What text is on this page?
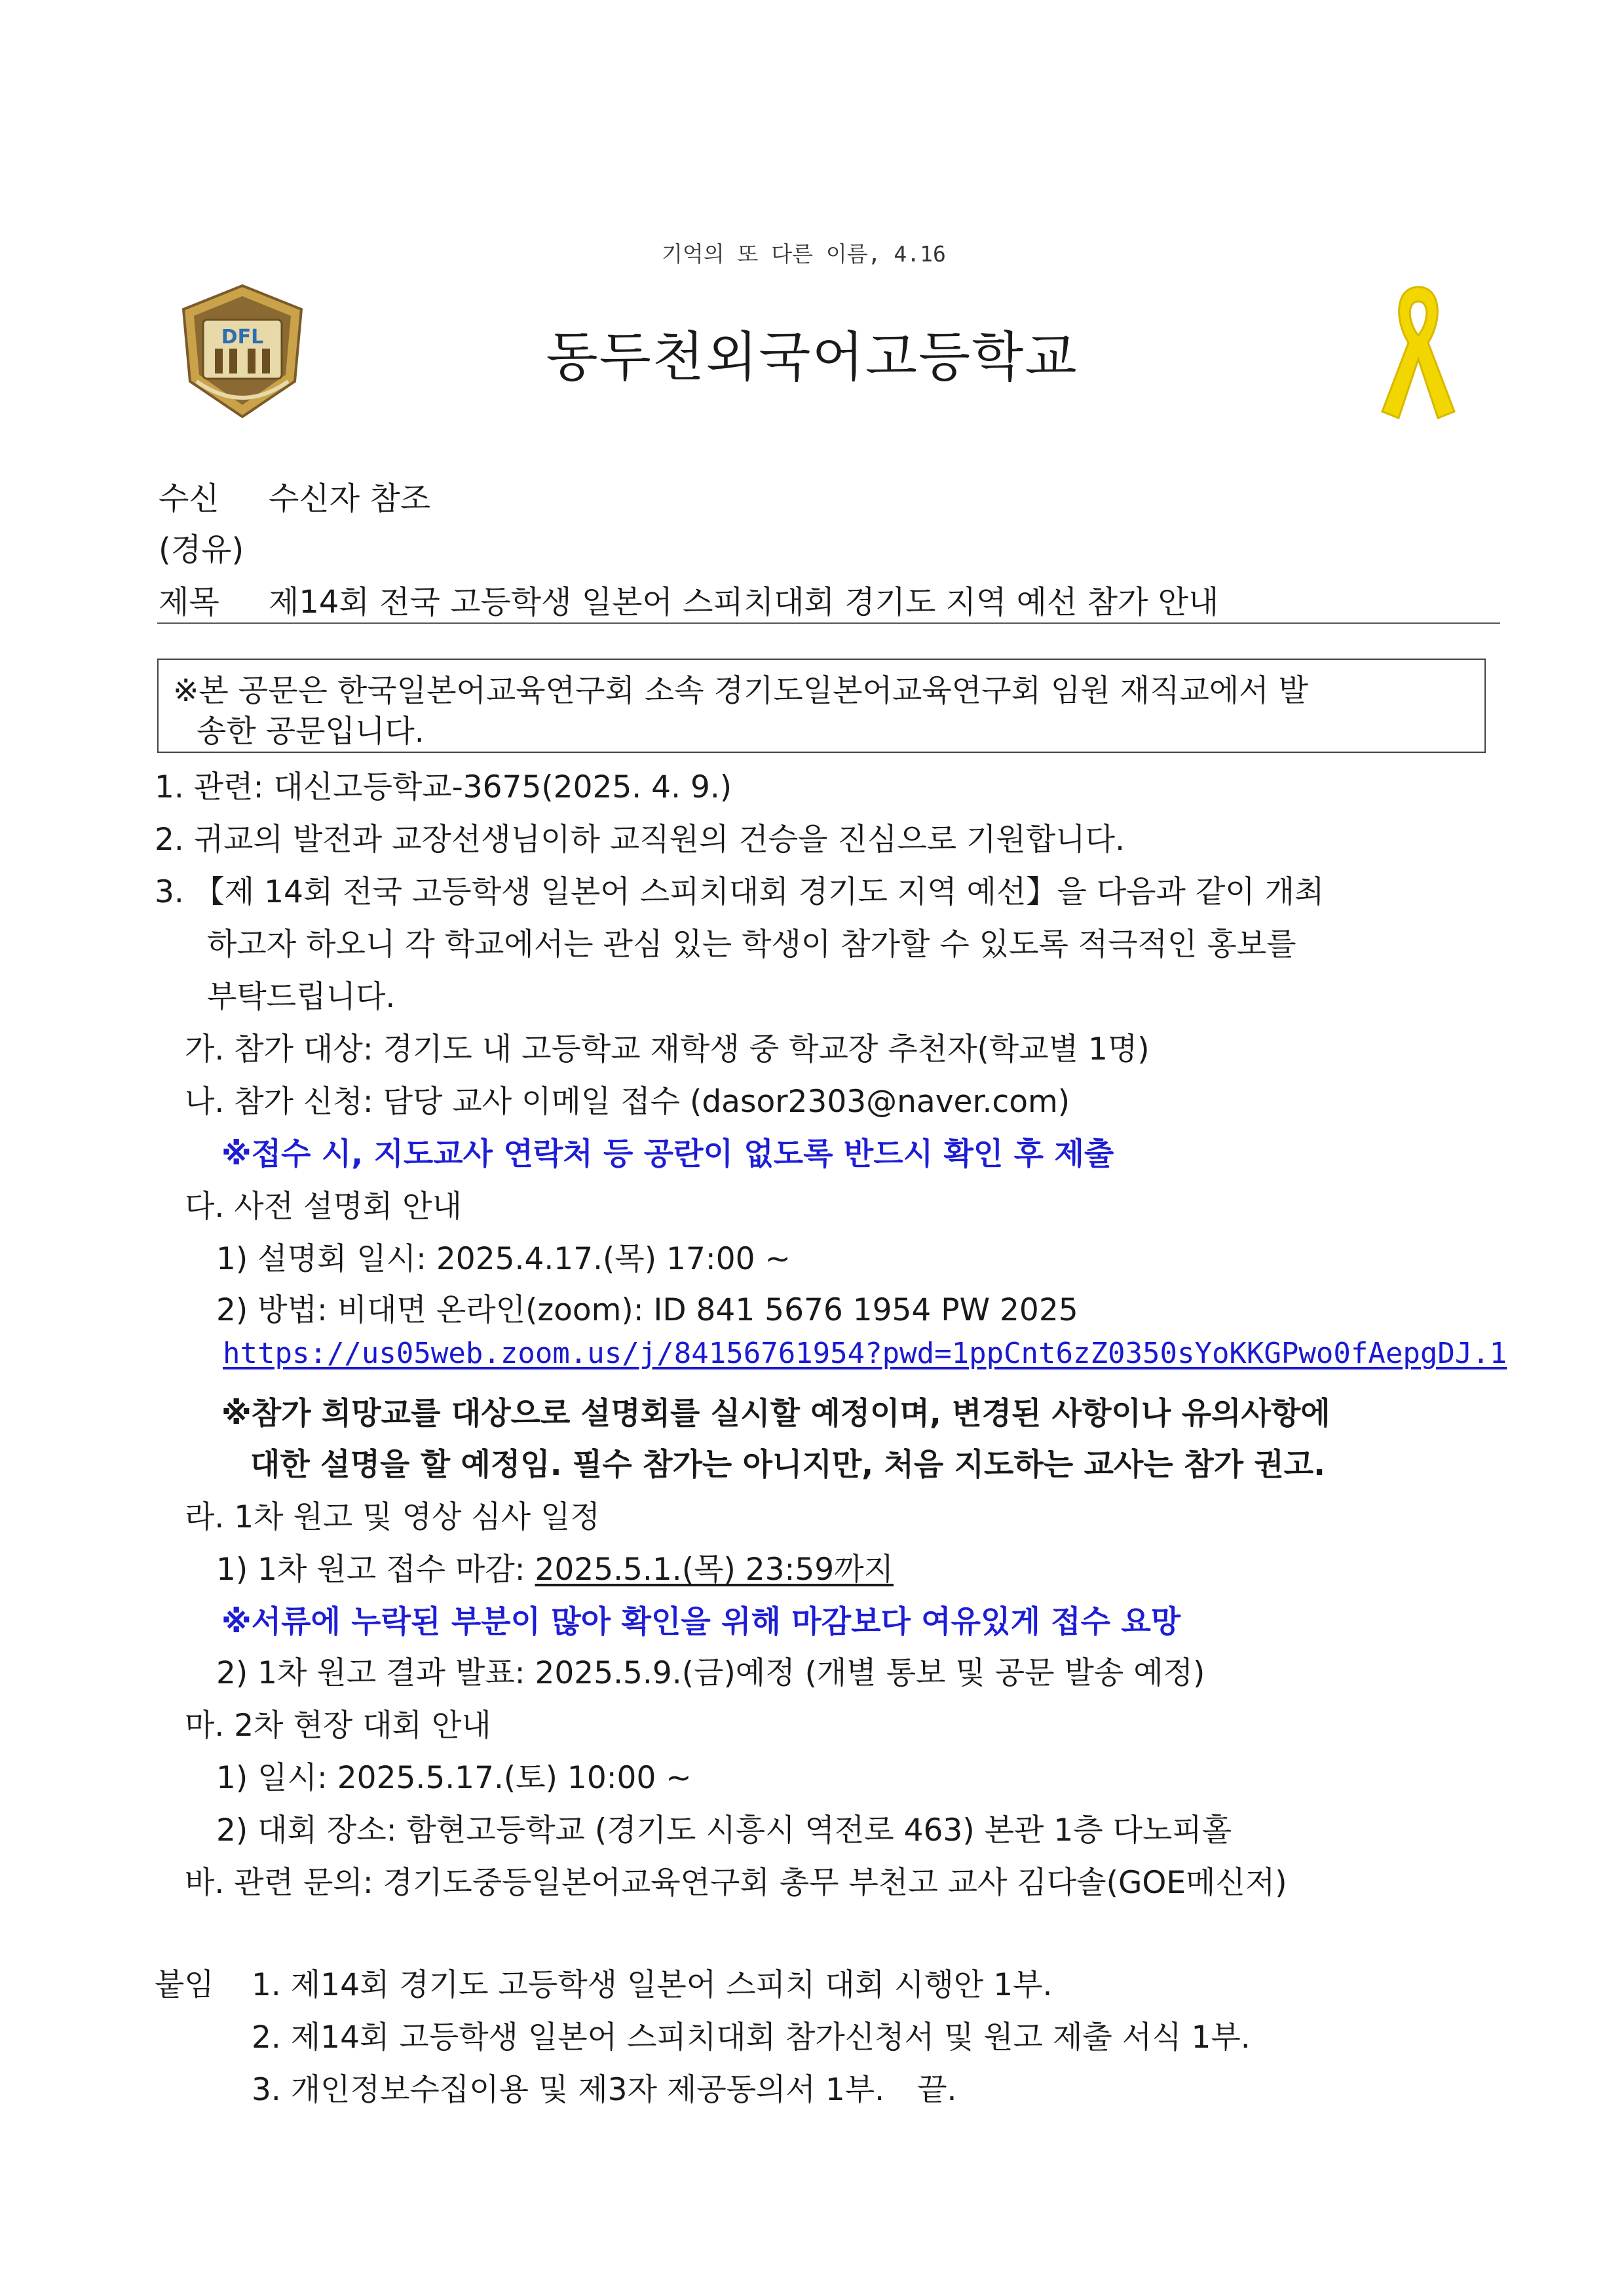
기억의 또 다른 이름, 4.16
DFL	동두천외국어고등학교
수신 수신자 참조
(경유)
제목 제14회 전국 고등학생 일본어 스피치대회 경기도 지역 예선 참가 안내
※본 공문은 한국일본어교육연구회 소속 경기도일본어교육연구회 임원 재직교에서 발
송한 공문입니다.
1. 관련: 대신고등학교-3675(2025. 4. 9.)
2. 귀교의 발전과 교장선생님이하 교직원의 건승을 진심으로 기원합니다.
3. 【제 14회 전국 고등학생 일본어 스피치대회 경기도 지역 예선】을 다음과 같이 개최
하고자 하오니 각 학교에서는 관심 있는 학생이 참가할 수 있도록 적극적인 홍보를
부탁드립니다.
가. 참가 대상: 경기도 내 고등학교 재학생 중 학교장 추천자(학교별 1명)
나. 참가 신청: 담당 교사 이메일 접수 (dasor2303@naver.com)
※접수 시, 지도교사 연락처 등 공란이 없도록 반드시 확인 후 제출
다. 사전 설명회 안내
1) 설명회 일시: 2025.4.17.(목) 17:00 ~
2) 방법: 비대면 온라인(zoom): ID 841 5676 1954 PW 2025
https://us05web.zoom.us/j/84156761954?pwd=1ppCnt6zZ0350sYoKKGPwo0fAepgDJ.1
※참가 희망교를 대상으로 설명회를 실시할 예정이며, 변경된 사항이나 유의사항에
대한 설명을 할 예정임. 필수 참가는 아니지만, 처음 지도하는 교사는 참가 권고.
라. 1차 원고 및 영상 심사 일정
1) 1차 원고 접수 마감: 2025.5.1.(목) 23:59까지
※서류에 누락된 부분이 많아 확인을 위해 마감보다 여유있게 접수 요망
2) 1차 원고 결과 발표: 2025.5.9.(금)예정 (개별 통보 및 공문 발송 예정)
마. 2차 현장 대회 안내
1) 일시: 2025.5.17.(토) 10:00 ~
2) 대회 장소: 함현고등학교 (경기도 시흥시 역전로 463) 본관 1층 다노피홀
바. 관련 문의: 경기도중등일본어교육연구회 총무 부천고 교사 김다솔(GOE메신저)
붙임 1. 제14회 경기도 고등학생 일본어 스피치 대회 시행안 1부.
2. 제14회 고등학생 일본어 스피치대회 참가신청서 및 원고 제출 서식 1부.
3. 개인정보수집이용 및 제3자 제공동의서 1부. 끝.
